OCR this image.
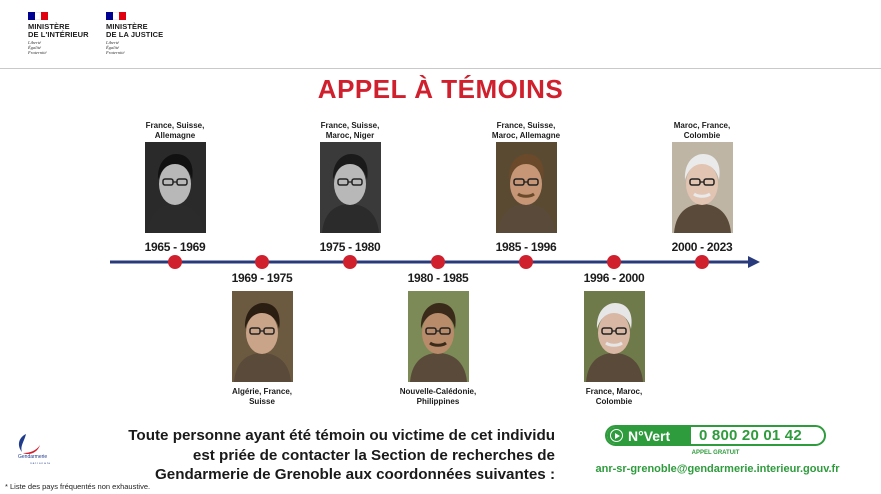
MINISTÈRE
DE L'INTÉRIEUR
Liberté
Égalité
Fraternité
MINISTÈRE
DE LA JUSTICE
Liberté
Égalité
Fraternité
APPEL À TÉMOINS
France, Suisse,
Allemagne
1965 - 1969
Algérie, France,
Suisse
1969 - 1975
France, Suisse,
Maroc, Niger
1975 - 1980
Nouvelle-Calédonie,
Philippines
1980 - 1985
France, Suisse,
Maroc, Allemagne
1985 - 1996
France, Maroc,
Colombie
1996 - 2000
Maroc, France,
Colombie
2000 - 2023
Toute personne ayant été témoin ou victime de cet individu
est priée de contacter la Section de recherches de
Gendarmerie de Grenoble aux coordonnées suivantes :
N°Vert 0 800 20 01 42
APPEL GRATUIT
anr-sr-grenoble@gendarmerie.interieur.gouv.fr
Gendarmerie
nationale
* Liste des pays fréquentés non exhaustive.
